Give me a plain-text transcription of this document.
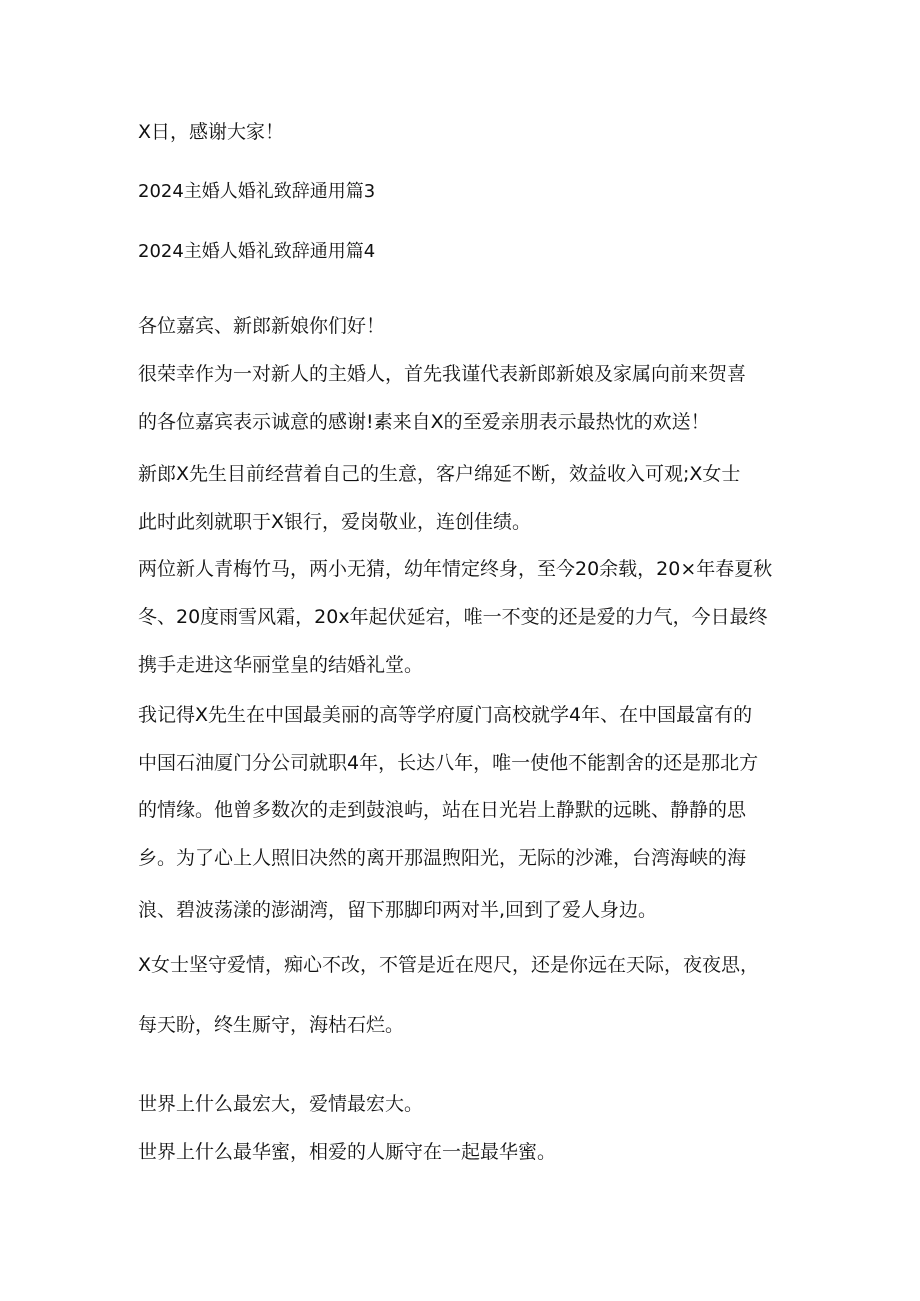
X日，感谢大家！

2024主婚人婚礼致辞通用篇3

2024主婚人婚礼致辞通用篇4

各位嘉宾、新郎新娘你们好！

很荣幸作为一对新人的主婚人，首先我谨代表新郎新娘及家属向前来贺喜

的各位嘉宾表示诚意的感谢!素来自X的至爱亲朋表示最热忱的欢送！

新郎X先生目前经营着自己的生意，客户绵延不断，效益收入可观;X女士

此时此刻就职于X银行，爱岗敬业，连创佳绩。

两位新人青梅竹马，两小无猜，幼年情定终身，至今20余载，20×年春夏秋

冬、20度雨雪风霜，20x年起伏延宕，唯一不变的还是爱的力气，今日最终

携手走进这华丽堂皇的结婚礼堂。

我记得X先生在中国最美丽的高等学府厦门高校就学4年、在中国最富有的

中国石油厦门分公司就职4年，长达八年，唯一使他不能割舍的还是那北方

的情缘。他曾多数次的走到鼓浪屿，站在日光岩上静默的远眺、静静的思

乡。为了心上人照旧决然的离开那温煦阳光，无际的沙滩，台湾海峡的海

浪、碧波荡漾的澎湖湾，留下那脚印两对半,回到了爱人身边。

X女士坚守爱情，痴心不改，不管是近在咫尺，还是你远在天际，夜夜思，

每天盼，终生厮守，海枯石烂。

世界上什么最宏大，爱情最宏大。

世界上什么最华蜜，相爱的人厮守在一起最华蜜。
